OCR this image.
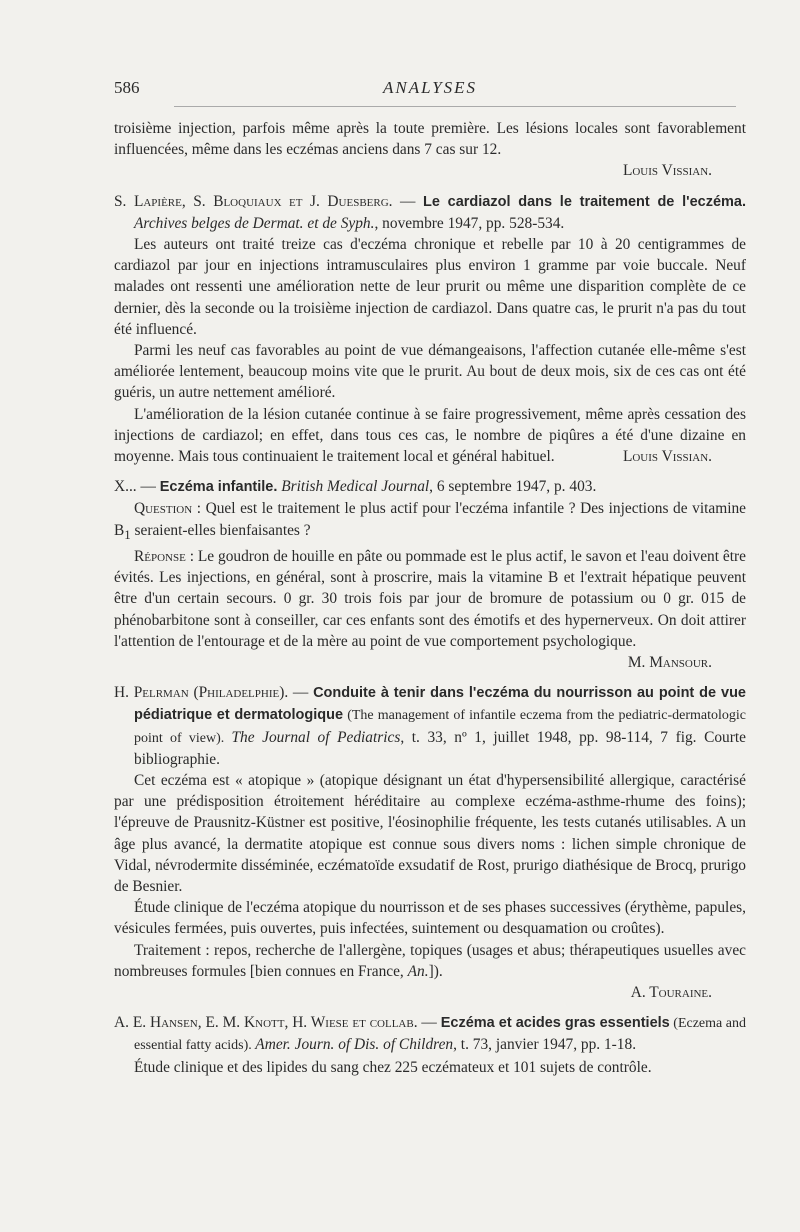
586	ANALYSES

troisième injection, parfois même après la toute première. Les lésions locales sont favorablement influencées, même dans les eczémas anciens dans 7 cas sur 12.

Louis Vissian.

S. Lapière, S. Bloquiaux et J. Duesberg. — Le cardiazol dans le traitement de l'eczéma. Archives belges de Dermat. et de Syph., novembre 1947, pp. 528-534.

Les auteurs ont traité treize cas d'eczéma chronique et rebelle par 10 à 20 centigrammes de cardiazol par jour en injections intramusculaires plus environ 1 gramme par voie buccale. Neuf malades ont ressenti une amélioration nette de leur prurit ou même une disparition complète de ce dernier, dès la seconde ou la troisième injection de cardiazol. Dans quatre cas, le prurit n'a pas du tout été influencé.

Parmi les neuf cas favorables au point de vue démangeaisons, l'affection cutanée elle-même s'est améliorée lentement, beaucoup moins vite que le prurit. Au bout de deux mois, six de ces cas ont été guéris, un autre nettement amélioré.

L'amélioration de la lésion cutanée continue à se faire progressivement, même après cessation des injections de cardiazol; en effet, dans tous ces cas, le nombre de piqûres a été d'une dizaine en moyenne. Mais tous continuaient le traitement local et général habituel.	Louis Vissian.

X... — Eczéma infantile. British Medical Journal, 6 septembre 1947, p. 403.

Question : Quel est le traitement le plus actif pour l'eczéma infantile ? Des injections de vitamine $B_1$ seraient-elles bienfaisantes ?

Réponse : Le goudron de houille en pâte ou pommade est le plus actif, le savon et l'eau doivent être évités. Les injections, en général, sont à proscrire, mais la vitamine B et l'extrait hépatique peuvent être d'un certain secours. 0 gr. 30 trois fois par jour de bromure de potassium ou 0 gr. 015 de phénobarbitone sont à conseiller, car ces enfants sont des émotifs et des hypernerveux. On doit attirer l'attention de l'entourage et de la mère au point de vue comportement psychologique.
M. Mansour.

H. Pelrman (Philadelphie). — Conduite à tenir dans l'eczéma du nourrisson au point de vue pédiatrique et dermatologique (The management of infantile eczema from the pediatric-dermatologic point of view). The Journal of Pediatrics, t. 33, nº 1, juillet 1948, pp. 98-114, 7 fig. Courte bibliographie.

Cet eczéma est « atopique » (atopique désignant un état d'hypersensibilité allergique, caractérisé par une prédisposition étroitement héréditaire au complexe eczéma-asthme-rhume des foins); l'épreuve de Prausnitz-Küstner est positive, l'éosinophilie fréquente, les tests cutanés utilisables. A un âge plus avancé, la dermatite atopique est connue sous divers noms : lichen simple chronique de Vidal, névrodermite disséminée, eczématoïde exsudatif de Rost, prurigo diathésique de Brocq, prurigo de Besnier.

Étude clinique de l'eczéma atopique du nourrisson et de ses phases successives (érythème, papules, vésicules fermées, puis ouvertes, puis infectées, suintement ou desquamation ou croûtes).

Traitement : repos, recherche de l'allergène, topiques (usages et abus; thérapeutiques usuelles avec nombreuses formules [bien connues en France, An.]).

A. Touraine.

A. E. Hansen, E. M. Knott, H. Wiese et collab. — Eczéma et acides gras essentiels (Eczema and essential fatty acids). Amer. Journ. of Dis. of Children, t. 73, janvier 1947, pp. 1-18.

Étude clinique et des lipides du sang chez 225 eczémateux et 101 sujets de contrôle.
